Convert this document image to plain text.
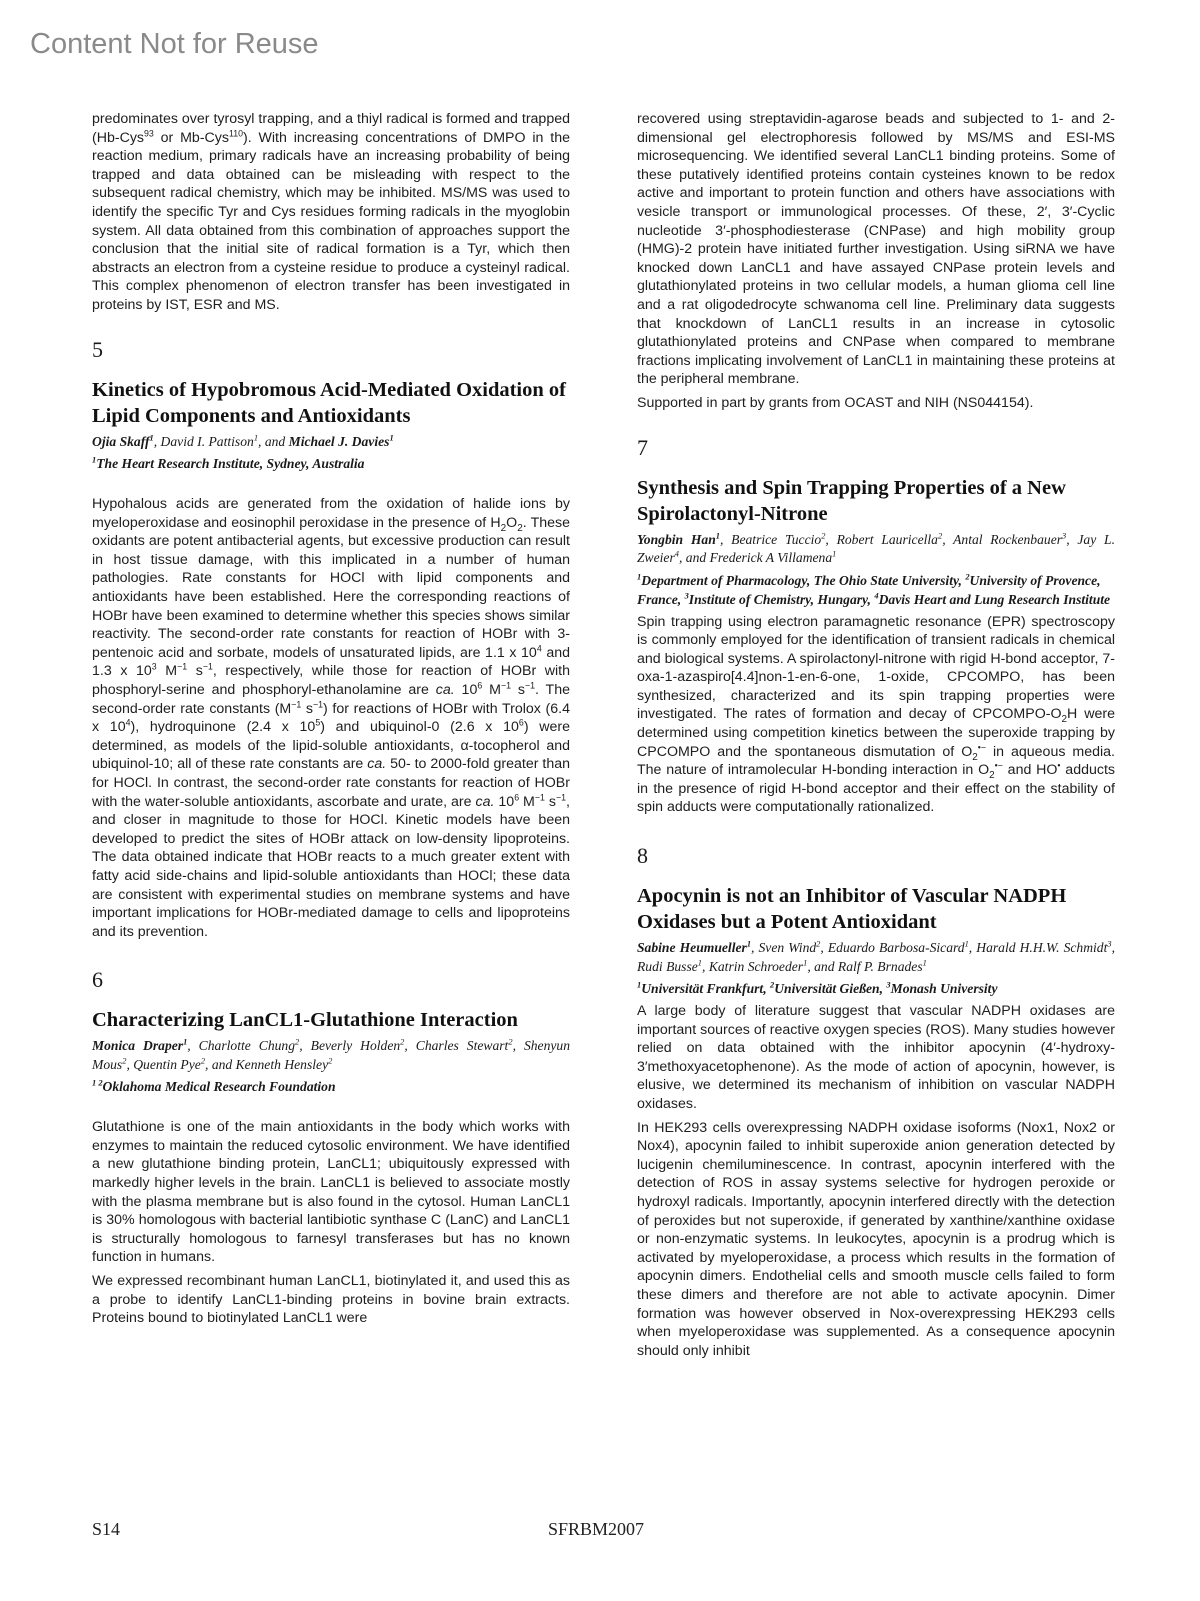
Content Not for Reuse

predominates over tyrosyl trapping, and a thiyl radical is formed and trapped (Hb-Cys$^{93}$ or Mb-Cys$^{110}$). With increasing concentrations of DMPO in the reaction medium, primary radicals have an increasing probability of being trapped and data obtained can be misleading with respect to the subsequent radical chemistry, which may be inhibited. MS/MS was used to identify the specific Tyr and Cys residues forming radicals in the myoglobin system. All data obtained from this combination of approaches support the conclusion that the initial site of radical formation is a Tyr, which then abstracts an electron from a cysteine residue to produce a cysteinyl radical. This complex phenomenon of electron transfer has been investigated in proteins by IST, ESR and MS.

5

Kinetics of Hypobromous Acid-Mediated Oxidation of Lipid Components and Antioxidants

Ojia Skaff$^1$, David I. Pattison$^1$, and Michael J. Davies$^1$

$^1$The Heart Research Institute, Sydney, Australia

Hypohalous acids are generated from the oxidation of halide ions by myeloperoxidase and eosinophil peroxidase in the presence of $H_2O_2$. These oxidants are potent antibacterial agents, but excessive production can result in host tissue damage, with this implicated in a number of human pathologies. Rate constants for HOCl with lipid components and antioxidants have been established. Here the corresponding reactions of HOBr have been examined to determine whether this species shows similar reactivity. The second-order rate constants for reaction of HOBr with 3-pentenoic acid and sorbate, models of unsaturated lipids, are 1.1 x $10^4$ and 1.3 x $10^3$ $M^{-1}$ $s^{-1}$, respectively, while those for reaction of HOBr with phosphoryl-serine and phosphoryl-ethanolamine are ca. $10^6$ $M^{-1}$ $s^{-1}$. The second-order rate constants ($M^{-1}$ $s^{-1}$) for reactions of HOBr with Trolox (6.4 x $10^4$), hydroquinone (2.4 x $10^5$) and ubiquinol-0 (2.6 x $10^6$) were determined, as models of the lipid-soluble antioxidants, α-tocopherol and ubiquinol-10; all of these rate constants are ca. 50- to 2000-fold greater than for HOCl. In contrast, the second-order rate constants for reaction of HOBr with the water-soluble antioxidants, ascorbate and urate, are ca. $10^6$ $M^{-1}$ $s^{-1}$, and closer in magnitude to those for HOCl. Kinetic models have been developed to predict the sites of HOBr attack on low-density lipoproteins. The data obtained indicate that HOBr reacts to a much greater extent with fatty acid side-chains and lipid-soluble antioxidants than HOCl; these data are consistent with experimental studies on membrane systems and have important implications for HOBr-mediated damage to cells and lipoproteins and its prevention.

6

Characterizing LanCL1-Glutathione Interaction

Monica Draper$^1$, Charlotte Chung$^2$, Beverly Holden$^2$, Charles Stewart$^2$, Shenyun Mous$^2$, Quentin Pye$^2$, and Kenneth Hensley$^2$

$^{1 2}$Oklahoma Medical Research Foundation

Glutathione is one of the main antioxidants in the body which works with enzymes to maintain the reduced cytosolic environment. We have identified a new glutathione binding protein, LanCL1; ubiquitously expressed with markedly higher levels in the brain. LanCL1 is believed to associate mostly with the plasma membrane but is also found in the cytosol. Human LanCL1 is 30% homologous with bacterial lantibiotic synthase C (LanC) and LanCL1 is structurally homologous to farnesyl transferases but has no known function in humans.

We expressed recombinant human LanCL1, biotinylated it, and used this as a probe to identify LanCL1-binding proteins in bovine brain extracts. Proteins bound to biotinylated LanCL1 were

recovered using streptavidin-agarose beads and subjected to 1- and 2-dimensional gel electrophoresis followed by MS/MS and ESI-MS microsequencing. We identified several LanCL1 binding proteins. Some of these putatively identified proteins contain cysteines known to be redox active and important to protein function and others have associations with vesicle transport or immunological processes. Of these, 2′, 3′-Cyclic nucleotide 3′-phosphodiesterase (CNPase) and high mobility group (HMG)-2 protein have initiated further investigation. Using siRNA we have knocked down LanCL1 and have assayed CNPase protein levels and glutathionylated proteins in two cellular models, a human glioma cell line and a rat oligodedrocyte schwanoma cell line. Preliminary data suggests that knockdown of LanCL1 results in an increase in cytosolic glutathionylated proteins and CNPase when compared to membrane fractions implicating involvement of LanCL1 in maintaining these proteins at the peripheral membrane.

Supported in part by grants from OCAST and NIH (NS044154).

7

Synthesis and Spin Trapping Properties of a New Spirolactonyl-Nitrone

Yongbin Han$^1$, Beatrice Tuccio$^2$, Robert Lauricella$^2$, Antal Rockenbauer$^3$, Jay L. Zweier$^4$, and Frederick A Villamena$^1$

$^1$Department of Pharmacology, The Ohio State University, $^2$University of Provence, France, $^3$Institute of Chemistry, Hungary, $^4$Davis Heart and Lung Research Institute

Spin trapping using electron paramagnetic resonance (EPR) spectroscopy is commonly employed for the identification of transient radicals in chemical and biological systems. A spirolactonyl-nitrone with rigid H-bond acceptor, 7-oxa-1-azaspiro[4.4]non-1-en-6-one, 1-oxide, CPCOMPO, has been synthesized, characterized and its spin trapping properties were investigated. The rates of formation and decay of CPCOMPO-$O_2H$ were determined using competition kinetics between the superoxide trapping by CPCOMPO and the spontaneous dismutation of $O_2^{•-}$ in aqueous media. The nature of intramolecular H-bonding interaction in $O_2^{•-}$ and HO• adducts in the presence of rigid H-bond acceptor and their effect on the stability of spin adducts were computationally rationalized.

8

Apocynin is not an Inhibitor of Vascular NADPH Oxidases but a Potent Antioxidant

Sabine Heumueller$^1$, Sven Wind$^2$, Eduardo Barbosa-Sicard$^1$, Harald H.H.W. Schmidt$^3$, Rudi Busse$^1$, Katrin Schroeder$^1$, and Ralf P. Brnades$^1$

$^1$Universität Frankfurt, $^2$Universität Gießen, $^3$Monash University

A large body of literature suggest that vascular NADPH oxidases are important sources of reactive oxygen species (ROS). Many studies however relied on data obtained with the inhibitor apocynin (4′-hydroxy-3′methoxyacetophenone). As the mode of action of apocynin, however, is elusive, we determined its mechanism of inhibition on vascular NADPH oxidases.

In HEK293 cells overexpressing NADPH oxidase isoforms (Nox1, Nox2 or Nox4), apocynin failed to inhibit superoxide anion generation detected by lucigenin chemiluminescence. In contrast, apocynin interfered with the detection of ROS in assay systems selective for hydrogen peroxide or hydroxyl radicals. Importantly, apocynin interfered directly with the detection of peroxides but not superoxide, if generated by xanthine/xanthine oxidase or non-enzymatic systems. In leukocytes, apocynin is a prodrug which is activated by myeloperoxidase, a process which results in the formation of apocynin dimers. Endothelial cells and smooth muscle cells failed to form these dimers and therefore are not able to activate apocynin. Dimer formation was however observed in Nox-overexpressing HEK293 cells when myeloperoxidase was supplemented. As a consequence apocynin should only inhibit

S14	SFRBM2007
